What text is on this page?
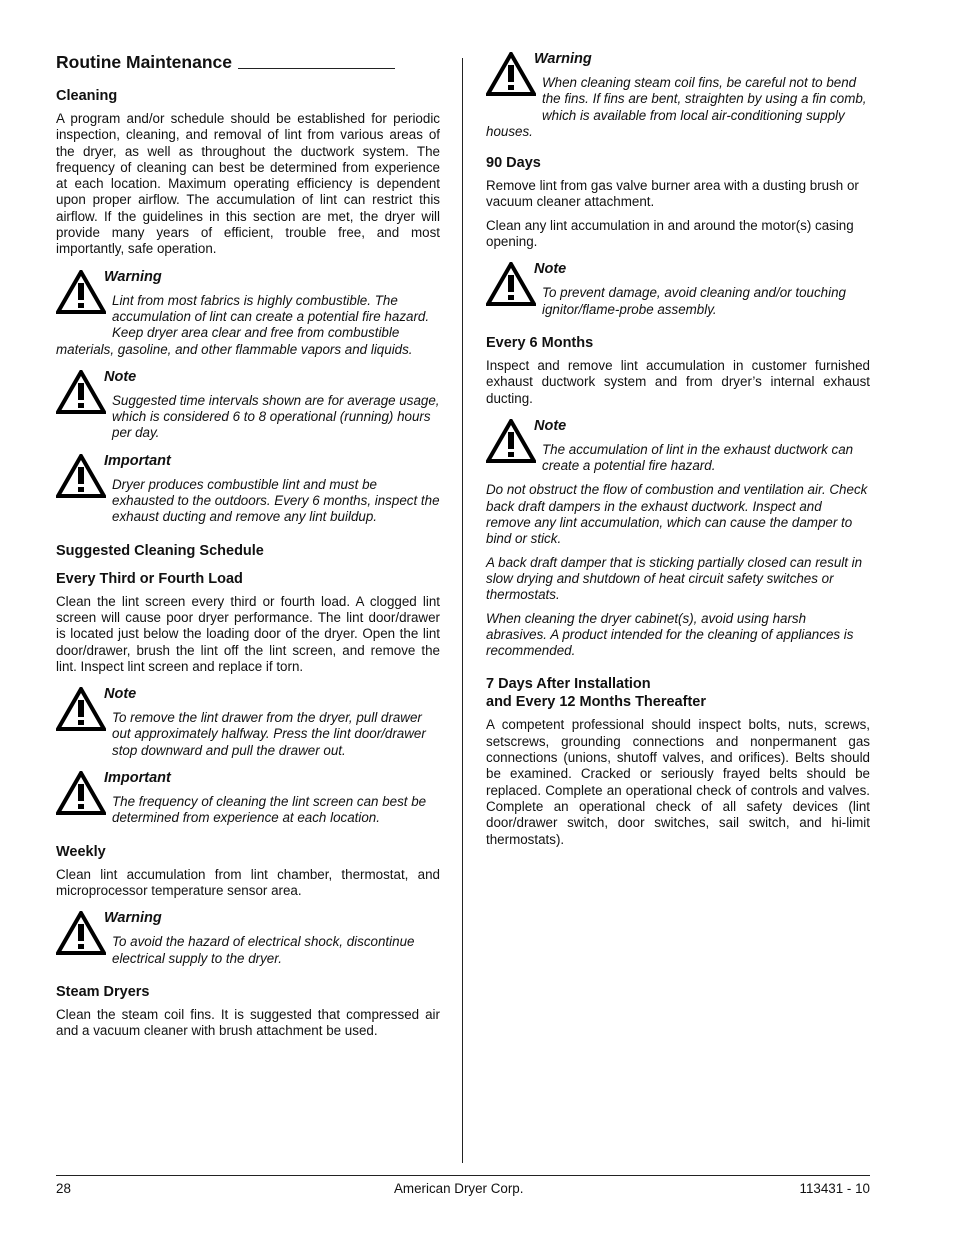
Routine Maintenance
Cleaning

A program and/or schedule should be established for periodic inspection, cleaning, and removal of lint from various areas of the dryer, as well as throughout the ductwork system. The frequency of cleaning can best be determined from experience at each location. Maximum operating efficiency is dependent upon proper airflow. The accumulation of lint can restrict this airflow. If the guidelines in this section are met, the dryer will provide many years of efficient, trouble free, and most importantly, safe operation.

Warning
Lint from most fabrics is highly combustible. The accumulation of lint can create a potential fire hazard. Keep dryer area clear and free from combustible materials, gasoline, and other flammable vapors and liquids.
Note
Suggested time intervals shown are for average usage, which is considered 6 to 8 operational (running) hours per day.
Important
Dryer produces combustible lint and must be exhausted to the outdoors. Every 6 months, inspect the exhaust ducting and remove any lint buildup.
Suggested Cleaning Schedule
Every Third or Fourth Load

Clean the lint screen every third or fourth load. A clogged lint screen will cause poor dryer performance. The lint door/drawer is located just below the loading door of the dryer. Open the lint door/drawer, brush the lint off the lint screen, and remove the lint. Inspect lint screen and replace if torn.

Note
To remove the lint drawer from the dryer, pull drawer out approximately halfway. Press the lint door/drawer stop downward and pull the drawer out.
Important
The frequency of cleaning the lint screen can best be determined from experience at each location.
Weekly

Clean lint accumulation from lint chamber, thermostat, and microprocessor temperature sensor area.

Warning
To avoid the hazard of electrical shock, discontinue electrical supply to the dryer.
Steam Dryers

Clean the steam coil fins. It is suggested that compressed air and a vacuum cleaner with brush attachment be used.

Warning
When cleaning steam coil fins, be careful not to bend the fins. If fins are bent, straighten by using a fin comb, which is available from local air-conditioning supply houses.
90 Days

Remove lint from gas valve burner area with a dusting brush or vacuum cleaner attachment.

Clean any lint accumulation in and around the motor(s) casing opening.

Note
To prevent damage, avoid cleaning and/or touching ignitor/flame-probe assembly.
Every 6 Months

Inspect and remove lint accumulation in customer furnished exhaust ductwork system and from dryer’s internal exhaust ducting.

Note
The accumulation of lint in the exhaust ductwork can create a potential fire hazard.

Do not obstruct the flow of combustion and ventilation air. Check back draft dampers in the exhaust ductwork. Inspect and remove any lint accumulation, which can cause the damper to bind or stick.

A back draft damper that is sticking partially closed can result in slow drying and shutdown of heat circuit safety switches or thermostats.

When cleaning the dryer cabinet(s), avoid using harsh abrasives. A product intended for the cleaning of appliances is recommended.

7 Days After Installation
and Every 12 Months Thereafter

A competent professional should inspect bolts, nuts, screws, setscrews, grounding connections and nonpermanent gas connections (unions, shutoff valves, and orifices). Belts should be examined. Cracked or seriously frayed belts should be replaced. Complete an operational check of controls and valves. Complete an operational check of all safety devices (lint door/drawer switch, door switches, sail switch, and hi-limit thermostats).

28	American Dryer Corp.	113431 - 10
